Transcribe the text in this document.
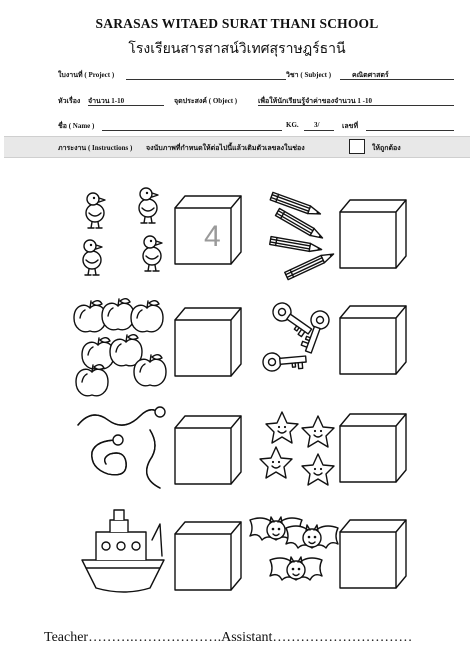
SARASAS WITAED SURAT THANI SCHOOL
โรงเรียนสารสาสน์วิเทศสุราษฎร์ธานี
ใบงานที่ ( Project )	วิชา ( Subject )	คณิตศาสตร์
หัวเรื่อง จำนวน 1-10	จุดประสงค์ ( Object )	เพื่อให้นักเรียนรู้จำค่าของจำนวน 1 -10
ชื่อ ( Name )	KG. 3/	เลขที่
ภาระงาน ( Instructions ) จงนับภาพที่กำหนดให้ต่อไปนี้แล้วเติมตัวเลขลงในช่อง	ให้ถูกต้อง
4
Teacher……….……………….Assistant…………………………
